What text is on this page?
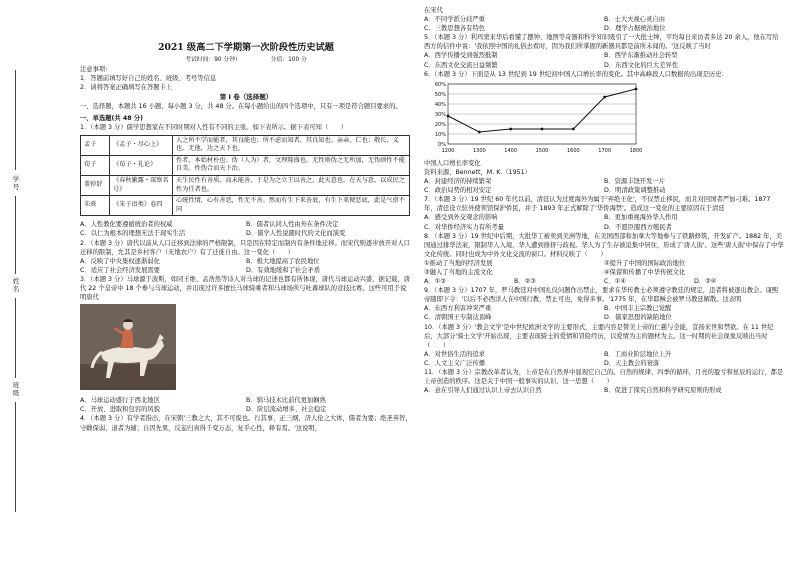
学号
姓名
班级
2021 级高二下学期第一次阶段性历史试题
考试时间：90 分钟）	分值：100 分

注意事项:

1．答题前填写好自己的姓名、班级、考号等信息

2．请将答案正确填写在答题卡上

第 I 卷（选择题）

一、选择题，本题共 16 小题，每小题 3 分，共 48 分。在每小题给出的四个选项中，只有一项是符合题目要求的。

一、单选题(共 48 分)

1．（本题 3 分）儒学思想家在不同时期对人性有不同的主张。如下表所示。据下表可知（　　）

孟子	《孟子・尽心上》	人之所不学而能者，其良能也；所不虑而知者，其良知也。亲亲，仁也；敬长，义也。无他，达之天下也。
荀子	《荀子・礼论》	性者，本始材朴也；伪（人为）者，文理隆盛也。无性则伪之无所加，无伪则性不能自美。性伪合而天下治。
董仲舒	《春秋繁露・深察名号》	天生民性有善质，而未能善，于是为之立王以善之，此天意也。在天与意，以成民之性为任者也。
朱熹	《朱子语类》卷四	心统性情，心有善恶，性无不善。然而有生下来善底，有生下来便恶底，此是气禀不同
A．人性教化要遵循统治者的权威	B．儒者认同人性由外在条件决定
C．以仁为根本的理想无法于现实生活	D．儒学人性说随时代的文化而演变

2．（本题 3 分）唐代以前从人口迁移到法律的严格限制，只是因在特定而制内有条件地迁移。而宋代则逐步放开对人口迁移的限制，允其是乡村客户（无地农户）有了迁徙自由。这一变化（　　）

A．反映了中央集权逐渐弱化	B．极大地提高了农民地位
C．适应了社会经济发展需要	D．有效地缓和了社会矛盾

3．（本题 3 分）马球源于波斯，如同王维、孟浩然等诗人对马球的记述也都有所体现，唐代马球运动兴盛，据记载，唐代 22 个皇帝中 18 个参与马球运动，并出现过许多擅长马球骑乘者和马球场所与吐蕃球队的竞技比赛。这些可用于说明唐代

A．马球运动盛行于西北地区	B．驯马技术比前代更加娴熟
C．开放、进取和包容的风貌	D．阶层流动增多、社会稳定

4．（本题 3 分）有学者指出，在宋朝'三教之大，其不可废也。行其事，正三纲，济人伦之大体，儒者为要；绝圣弃智，守雌保弱，道者为辅；自因先果，反妄归真得千变万态，复乎心性，释有焉。'这说明，

在宋代

A．不同学派分歧严重	B．士大夫视心灵自由
C．三教思想各有特色	D．理学占据统治地位

5．（本题 3 分）利玛窦来华后看懂了摆钟、地图等奇器和科学知识吸引了一大批士绅，平均每日来访者多达 20 余人，他在写给西方的信件中说：'我依照中国的礼俗去看时，因为我们所掌握的新器具都是前所未闻的。'这反映了当时

A．西学传播受到强烈抵制	B．西学东渐推动社会转型
C．东西文化交流日益频繁	D．东西文化的巨大差异性

6．（本题 3 分）下面是从 13 世纪到 19 世纪初中国人口增长率的变化。其中高峰段人口数据的出现是历史：

0%
10%
20%
30%
40%
50%
60%
1200	1300	1400	1500	1600	1700	1800

中国人口增长率变化

资料来源，Bennett，M. K.（1951）

A．封建经济的持续繁荣	B．资源丰饶开发一片
C．政治局势的相对安定	D．明清政策调整推动

7．（本题 3 分）19 世纪 60 年代以前，清廷认为过度海外为属于'弃绝王化'，不仅禁止移民，而且对回国者严加刁难。1877 年，清廷设立驻外使领馆保护侨民，并于 1893 年正式解除了'华侨海禁'。造成这一变化的主要原因在于清廷

A．感受到外交观念的影响	B．更加重视海外华人作用
C．对华侨经济实力有所考量	D．不愿臣服西方殖民者

8．（本题 3 分）19 世纪中后期，大批华工被卖到美洲等地，在美国西部和加拿大等地参与了铁路修筑，开发矿产。1882 年，美国通过排华法案，限制华人入境，华人遭到排挤与歧视。华人为了生存被迫集中居住，形成了'唐人街'。这些'唐人街'中保存了中华文化传统。同时也成为中外文化交流的窗口。材料反映了（　　）

①推动了当地的经济发展	②提升了中国的国际政治地位
③融入了当地的主流文化	④保留和传播了中华传统文化
A．①③	B．②③	C．①④	D．②④

9．（本题 3 分）1707 年，罗马教廷对中国礼仪问题作出禁止，要求在华传教士必须遵守教廷的规定，违者将被逐出教会。康熙帝随即下令：'以后不必西洋人在中国行教，禁止可也，免得多事。'1775 年，在华耶稣会被罗马教廷解散。这表明

A．东西方利害冲突严重	B．中国丰主宗教已觉醒
C．清朝国王专制达顶峰	D．儒家思想的缺陷地位

10．（本题 3 分）'教会文学'是中世纪欧洲文学的主要形式，主要内容是赞美上帝的仁慈与全能，宣扬来世和禁欲。在 11 世纪后，大部分'骑士文学'开始出现，主要表现骑士的爱情和冒险经历，以爱情为主的题材为主。这一时期的社会现象反映出当时（　　）

A．对世俗生活的追求	B．工商业阶层地位上升
C．人文主义广泛传播	D．天主教会的衰落

11．（本题 3 分）宗教改革者认为，上帝是在自然界中显现它自己的。自然的规律、四季的循环，月亮的盈亏和星辰的运行，都是上帝创造的秩序。这是关于中国一般事实的认识，这一思想（　　）

A．意在引导人们通过认识上帝去认识自然	B．促进了探究自然和科学研究原则的形成
